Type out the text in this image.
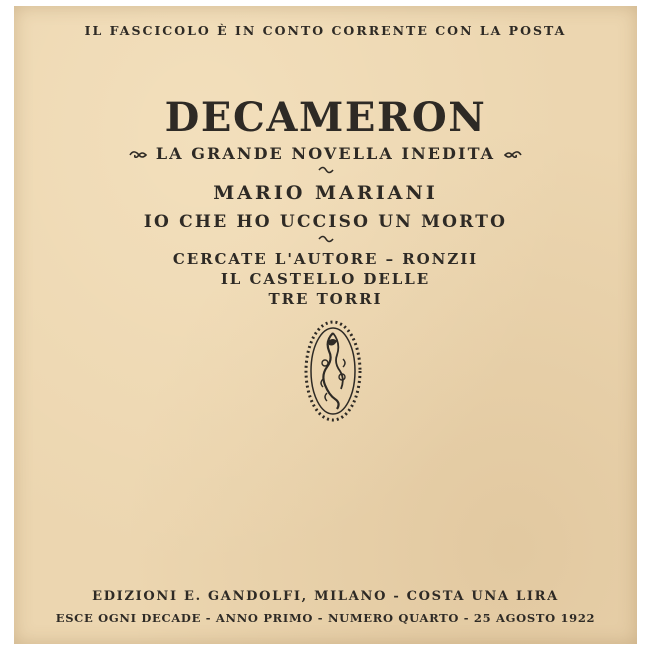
IL FASCICOLO È IN CONTO CORRENTE CON LA POSTA
DECAMERON
LA GRANDE NOVELLA INEDITA
MARIO MARIANI
IO CHE HO UCCISO UN MORTO
CERCATE L'AUTORE – RONZII
IL CASTELLO DELLE
TRE TORRI
EDIZIONI E. GANDOLFI, MILANO - COSTA UNA LIRA
ESCE OGNI DECADE - ANNO PRIMO - NUMERO QUARTO - 25 AGOSTO 1922
